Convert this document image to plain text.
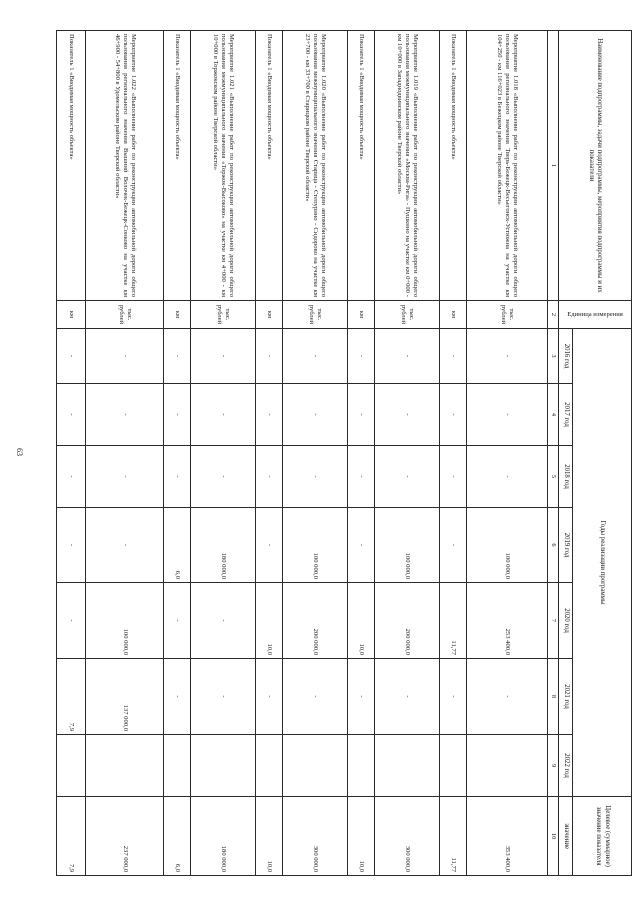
63
Наименование подпрограммы, задачи подпрограммы, мероприятия подпрограммы и их показатели	Единица измерения	Годы реализации программы							Целевое (суммарное) значение показателя
		2016 год	2017 год	2018 год	2019 год	2020 год	2021 год	2022 год	значение
1	2	3	4	5	6	7	8	9	10
Мероприятие 1.018 «Выполнение работ по реконструкции автомобильной дороги общего пользования регионального значения Тверь-Бежецк-Весьегонск-Устюжна на участке км 104+250 - км 116+023 в Бежецком районе Тверской области»	тыс. рублей	-	-	-	100 000,0	253 400,0	-		353 400,0
Показатель 1 «Вводимая мощность объекта»	км	-	-	-	-	11,77	-		11,77
Мероприятие 1.019 «Выполнение работ по реконструкции автомобильной дороги общего пользования межмуниципального значения «Москва-Рига» - Пушкино на участке км 0+000 - км 10+000 в Западнодвинском районе Тверской области»	тыс. рублей	-	-	-	100 000,0	200 000,0	-		300 000,0
Показатель 1 «Вводимая мощность объекта»	км	-	-	-	-	10,0	-		10,0
Мероприятие 1.020 «Выполнение работ по реконструкции автомобильной дороги общего пользования межмуниципального значения Старица - Степурино - Сидорово на участке км 23+700 - км 33+700 в Старицком районе Тверской области»	тыс. рублей	-	-	-	100 000,0	200 000,0	-		300 000,0
Показатель 1 «Вводимая мощность объекта»	км	-	-	-	-	10,0	-		10,0
Мероприятие 1.021 «Выполнение работ по реконструкции автомобильной дороги общего пользования межмуниципального значения «Торжок-Высоково» на участке км 4+000 - км 10+000 в Торжокском районе Тверской области»	тыс. рублей	-	-	-	180 000,0	-	-		180 000,0
Показатель 1 «Вводимая мощность объекта»	км	-	-	-	6,0	-	-		6,0
Мероприятие 1.022 «Выполнение работ по реконструкции автомобильной дороги общего пользования регионального значения Вышний Волочек-Бежецк-Сонково на участке км 46+900 - 54+800 в Удомельском районе Тверской области»	тыс. рублей	-	-	-	-	100 000,0	137 000,0		237 000,0
Показатель 1 «Вводимая мощность объекта»	км	-	-	-	-	-	7,9		7,9
